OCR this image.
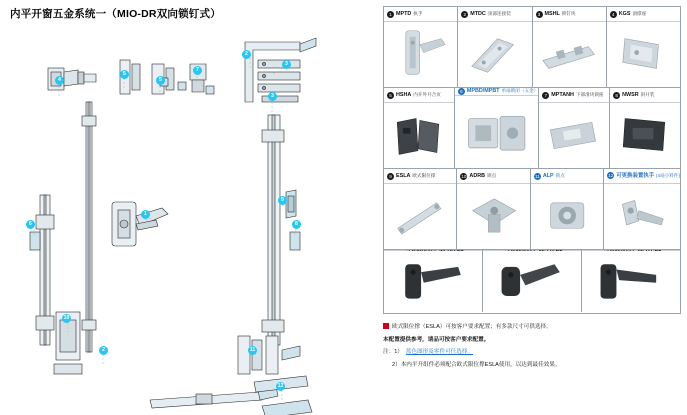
内平开窗五金系统一（MIO-DR双向锁钉式）
2
3
5
5
4
7
3
9
1
6	8
10
11
12
2
1 MPTD 执手	2 MTDC 顶部连接装	3 MSHL 锁钉块	4 KGS 滑撑座
5 HSHA 内开外开合页
6 MPBD/MPBT 单扇锁闭（五金）
7 MPTANH 下部滑块锁座	8 NWSR 斜开装
9 ESLA 欧式限位撑	10 ADRB 锁点	11 ALP 锁点	12 可更换装置执手 (4扇小料件)
欧式限位撑（ESLA）可按客户要求配置；有多款尺寸可供选择。
本配置提供参考，请品可按客户要求配置。
注：1） 蓝色图形及零件可任选择。
2）本内平开组件必须配合欧式限位撑ESLA使用，以达到最佳效果。
